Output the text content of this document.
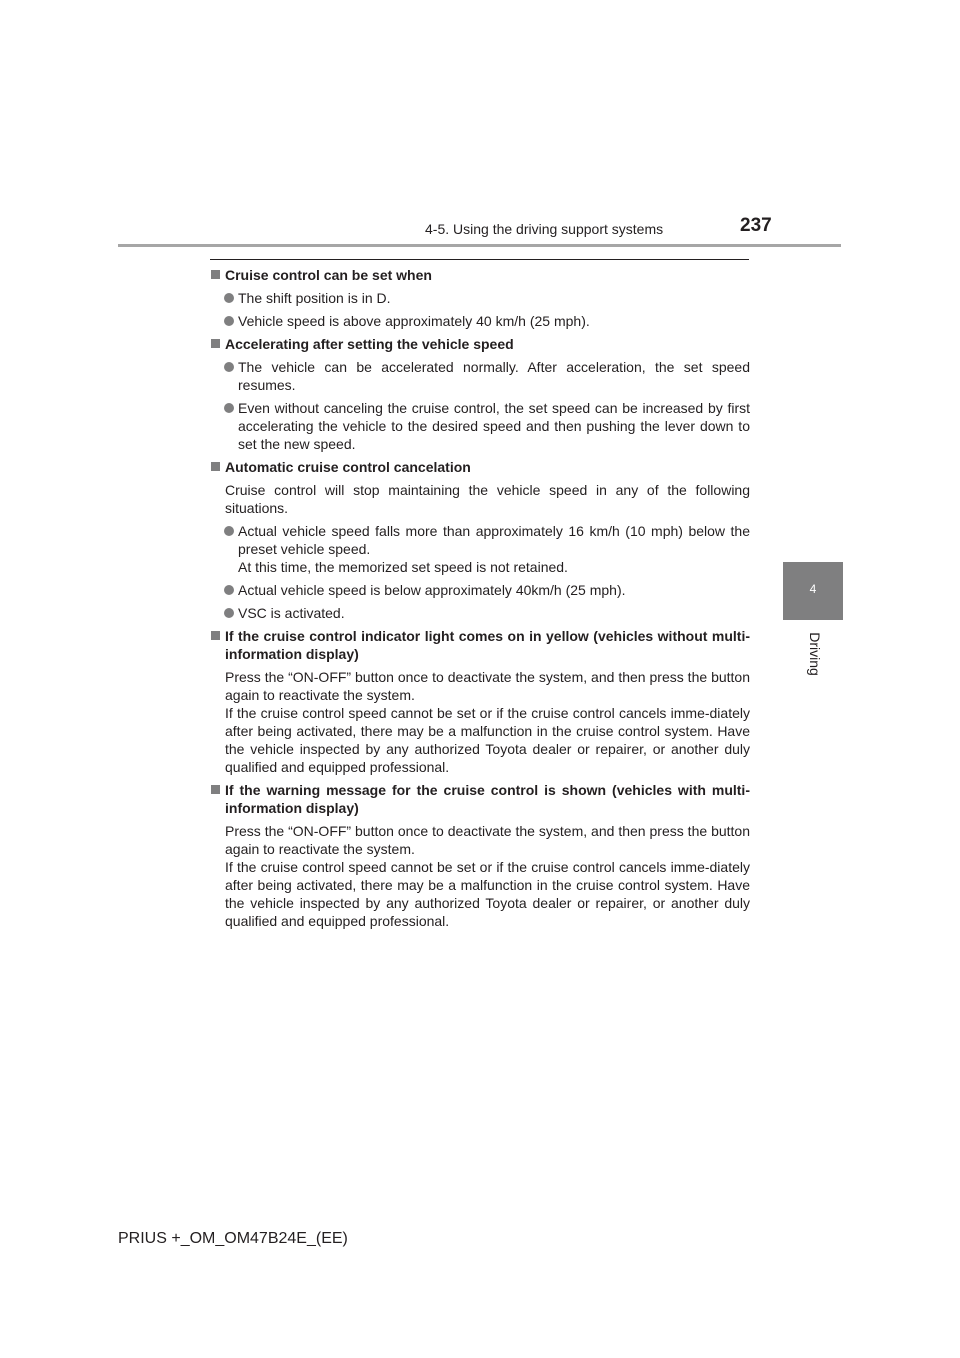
4-5. Using the driving support systems	237
4
Driving
Cruise control can be set when
The shift position is in D.
Vehicle speed is above approximately 40 km/h (25 mph).
Accelerating after setting the vehicle speed
The vehicle can be accelerated normally. After acceleration, the set speed resumes.
Even without canceling the cruise control, the set speed can be increased by first accelerating the vehicle to the desired speed and then pushing the lever down to set the new speed.
Automatic cruise control cancelation
Cruise control will stop maintaining the vehicle speed in any of the following situations.
Actual vehicle speed falls more than approximately 16 km/h (10 mph) below the preset vehicle speed.
At this time, the memorized set speed is not retained.
Actual vehicle speed is below approximately 40km/h (25 mph).
VSC is activated.
If the cruise control indicator light comes on in yellow (vehicles without multi-information display)
Press the “ON-OFF” button once to deactivate the system, and then press the button again to reactivate the system.
If the cruise control speed cannot be set or if the cruise control cancels imme-diately after being activated, there may be a malfunction in the cruise control system. Have the vehicle inspected by any authorized Toyota dealer or repairer, or another duly qualified and equipped professional.
If the warning message for the cruise control is shown (vehicles with multi-information display)
Press the “ON-OFF” button once to deactivate the system, and then press the button again to reactivate the system.
If the cruise control speed cannot be set or if the cruise control cancels imme-diately after being activated, there may be a malfunction in the cruise control system. Have the vehicle inspected by any authorized Toyota dealer or repairer, or another duly qualified and equipped professional.
PRIUS +_OM_OM47B24E_(EE)
